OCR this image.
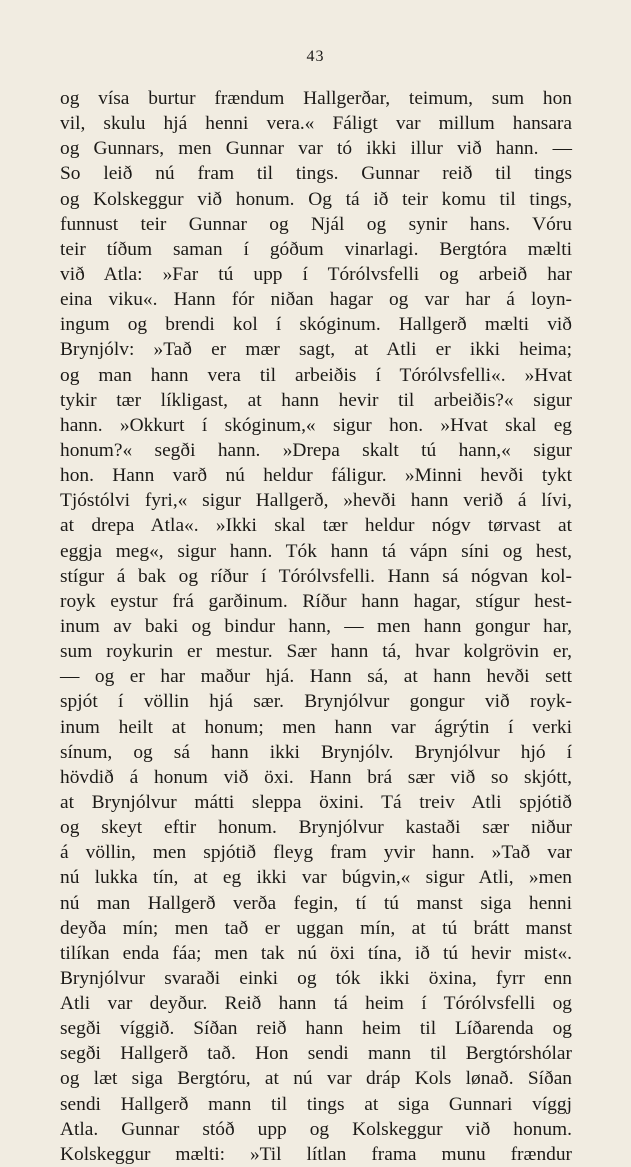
43
og vísa burtur frændum Hallgerðar, teimum, sum hon
vil, skulu hjá henni vera.« Fáligt var millum hansara
og Gunnars, men Gunnar var tó ikki illur við hann. —
So leið nú fram til tings. Gunnar reið til tings
og Kolskeggur við honum. Og tá ið teir komu til tings,
funnust teir Gunnar og Njál og synir hans. Vóru
teir tíðum saman í góðum vinarlagi. Bergtóra mælti
við Atla: »Far tú upp í Tórólvsfelli og arbeið har
eina viku«. Hann fór niðan hagar og var har á loyn-
ingum og brendi kol í skóginum. Hallgerð mælti við
Brynjólv: »Tað er mær sagt, at Atli er ikki heima;
og man hann vera til arbeiðis í Tórólvsfelli«. »Hvat
tykir tær líkligast, at hann hevir til arbeiðis?« sigur
hann. »Okkurt í skóginum,« sigur hon. »Hvat skal eg
honum?« segði hann. »Drepa skalt tú hann,« sigur
hon. Hann varð nú heldur fáligur. »Minni hevði tykt
Tjóstólvi fyri,« sigur Hallgerð, »hevði hann verið á lívi,
at drepa Atla«. »Ikki skal tær heldur nógv tørvast at
eggja meg«, sigur hann. Tók hann tá vápn síni og hest,
stígur á bak og ríður í Tórólvsfelli. Hann sá nógvan kol-
royk eystur frá garðinum. Ríður hann hagar, stígur hest-
inum av baki og bindur hann, — men hann gongur har,
sum roykurin er mestur. Sær hann tá, hvar kolgrövin er,
— og er har maður hjá. Hann sá, at hann hevði sett
spjót í völlin hjá sær. Brynjólvur gongur við royk-
inum heilt at honum; men hann var ágrýtin í verki
sínum, og sá hann ikki Brynjólv. Brynjólvur hjó í
hövdið á honum við öxi. Hann brá sær við so skjótt,
at Brynjólvur mátti sleppa öxini. Tá treiv Atli spjótið
og skeyt eftir honum. Brynjólvur kastaði sær niður
á völlin, men spjótið fleyg fram yvir hann. »Tað var
nú lukka tín, at eg ikki var búgvin,« sigur Atli, »men
nú man Hallgerð verða fegin, tí tú manst siga henni
deyða mín; men tað er uggan mín, at tú brátt manst
tilíkan enda fáa; men tak nú öxi tína, ið tú hevir mist«.
Brynjólvur svaraði einki og tók ikki öxina, fyrr enn
Atli var deyður. Reið hann tá heim í Tórólvsfelli og
segði víggið. Síðan reið hann heim til Líðarenda og
segði Hallgerð tað. Hon sendi mann til Bergtórshólar
og læt siga Bergtóru, at nú var dráp Kols lønað. Síðan
sendi Hallgerð mann til tings at siga Gunnari víggj
Atla. Gunnar stóð upp og Kolskeggur við honum.
Kolskeggur mælti: »Til lítlan frama munu frændur
